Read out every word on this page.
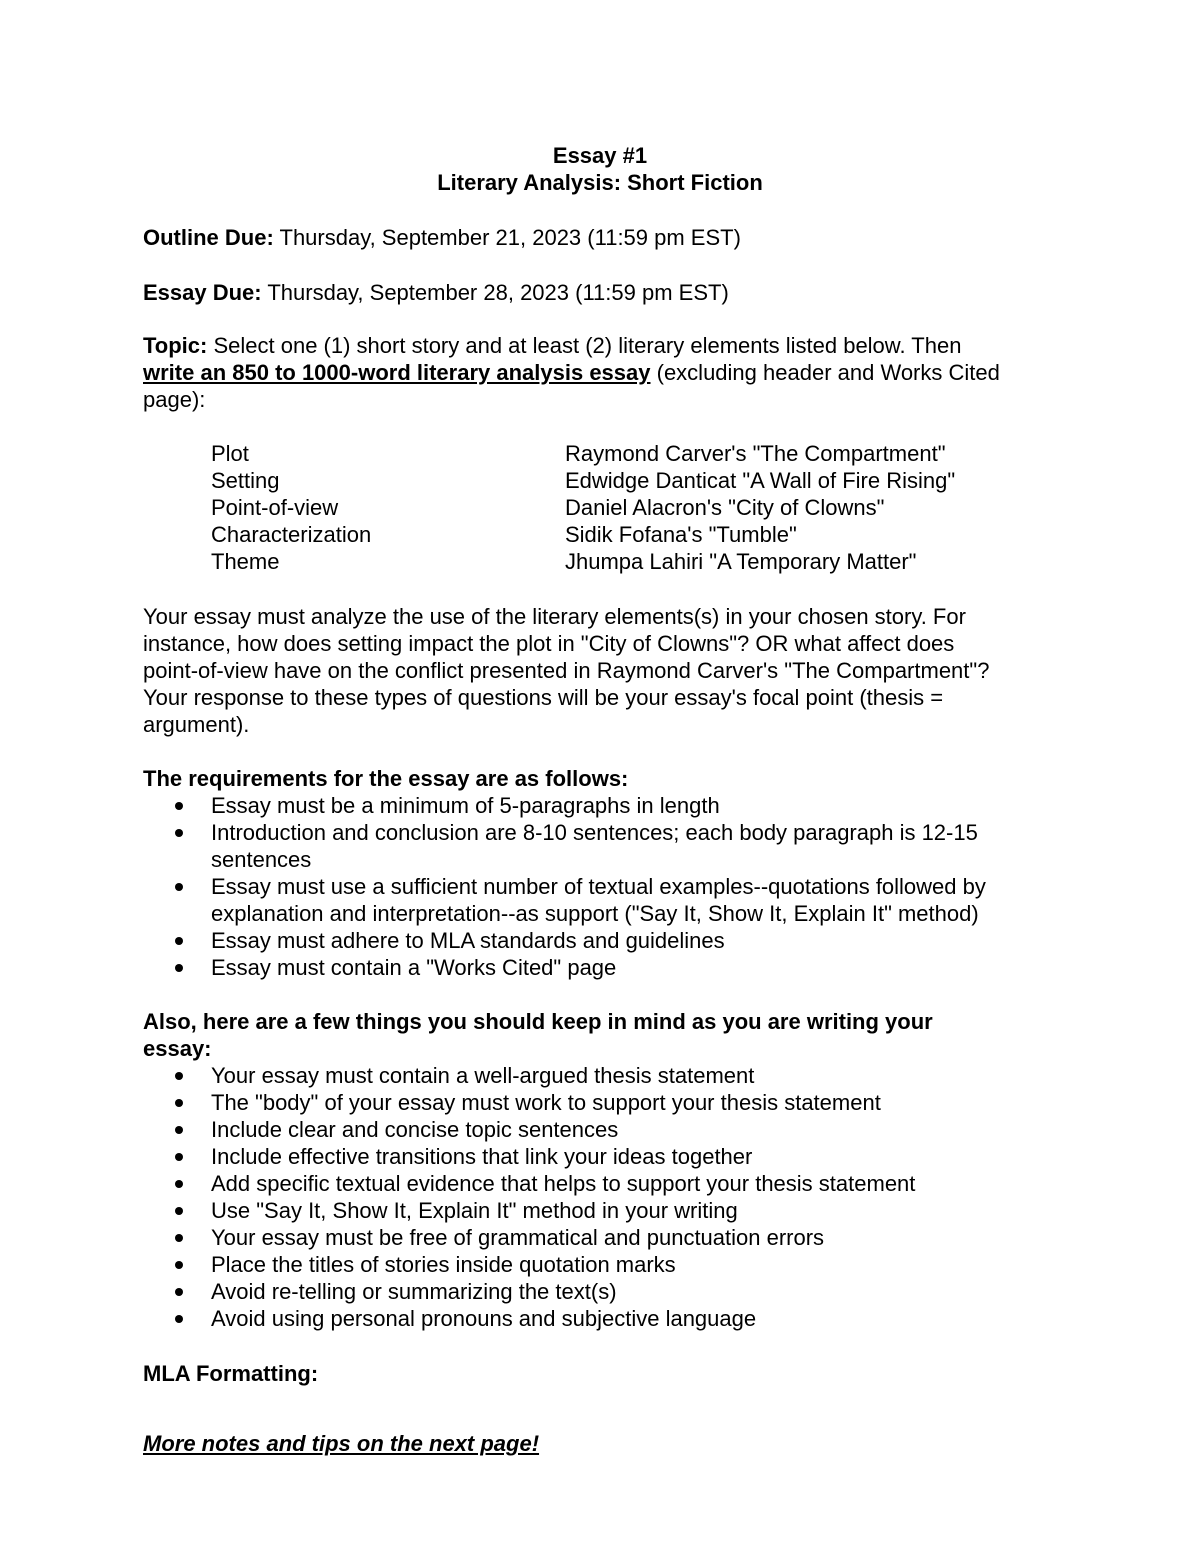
Essay #1
Literary Analysis: Short Fiction
Outline Due: Thursday, September 21, 2023 (11:59 pm EST)
Essay Due: Thursday, September 28, 2023 (11:59 pm EST)
Topic: Select one (1) short story and at least (2) literary elements listed below. Then
write an 850 to 1000-word literary analysis essay (excluding header and Works Cited
page):
Plot
Setting
Point-of-view
Characterization
Theme
Raymond Carver's "The Compartment"
Edwidge Danticat "A Wall of Fire Rising"
Daniel Alacron's "City of Clowns"
Sidik Fofana's "Tumble"
Jhumpa Lahiri "A Temporary Matter"
Your essay must analyze the use of the literary elements(s) in your chosen story. For
instance, how does setting impact the plot in "City of Clowns"? OR what affect does
point-of-view have on the conflict presented in Raymond Carver's "The Compartment"?
Your response to these types of questions will be your essay's focal point (thesis =
argument).
The requirements for the essay are as follows:
Essay must be a minimum of 5-paragraphs in length
Introduction and conclusion are 8-10 sentences; each body paragraph is 12-15
sentences
Essay must use a sufficient number of textual examples--quotations followed by
explanation and interpretation--as support ("Say It, Show It, Explain It" method)
Essay must adhere to MLA standards and guidelines
Essay must contain a "Works Cited" page
Also, here are a few things you should keep in mind as you are writing your
essay:
Your essay must contain a well-argued thesis statement
The "body" of your essay must work to support your thesis statement
Include clear and concise topic sentences
Include effective transitions that link your ideas together
Add specific textual evidence that helps to support your thesis statement
Use "Say It, Show It, Explain It" method in your writing
Your essay must be free of grammatical and punctuation errors
Place the titles of stories inside quotation marks
Avoid re-telling or summarizing the text(s)
Avoid using personal pronouns and subjective language
MLA Formatting:
More notes and tips on the next page!
